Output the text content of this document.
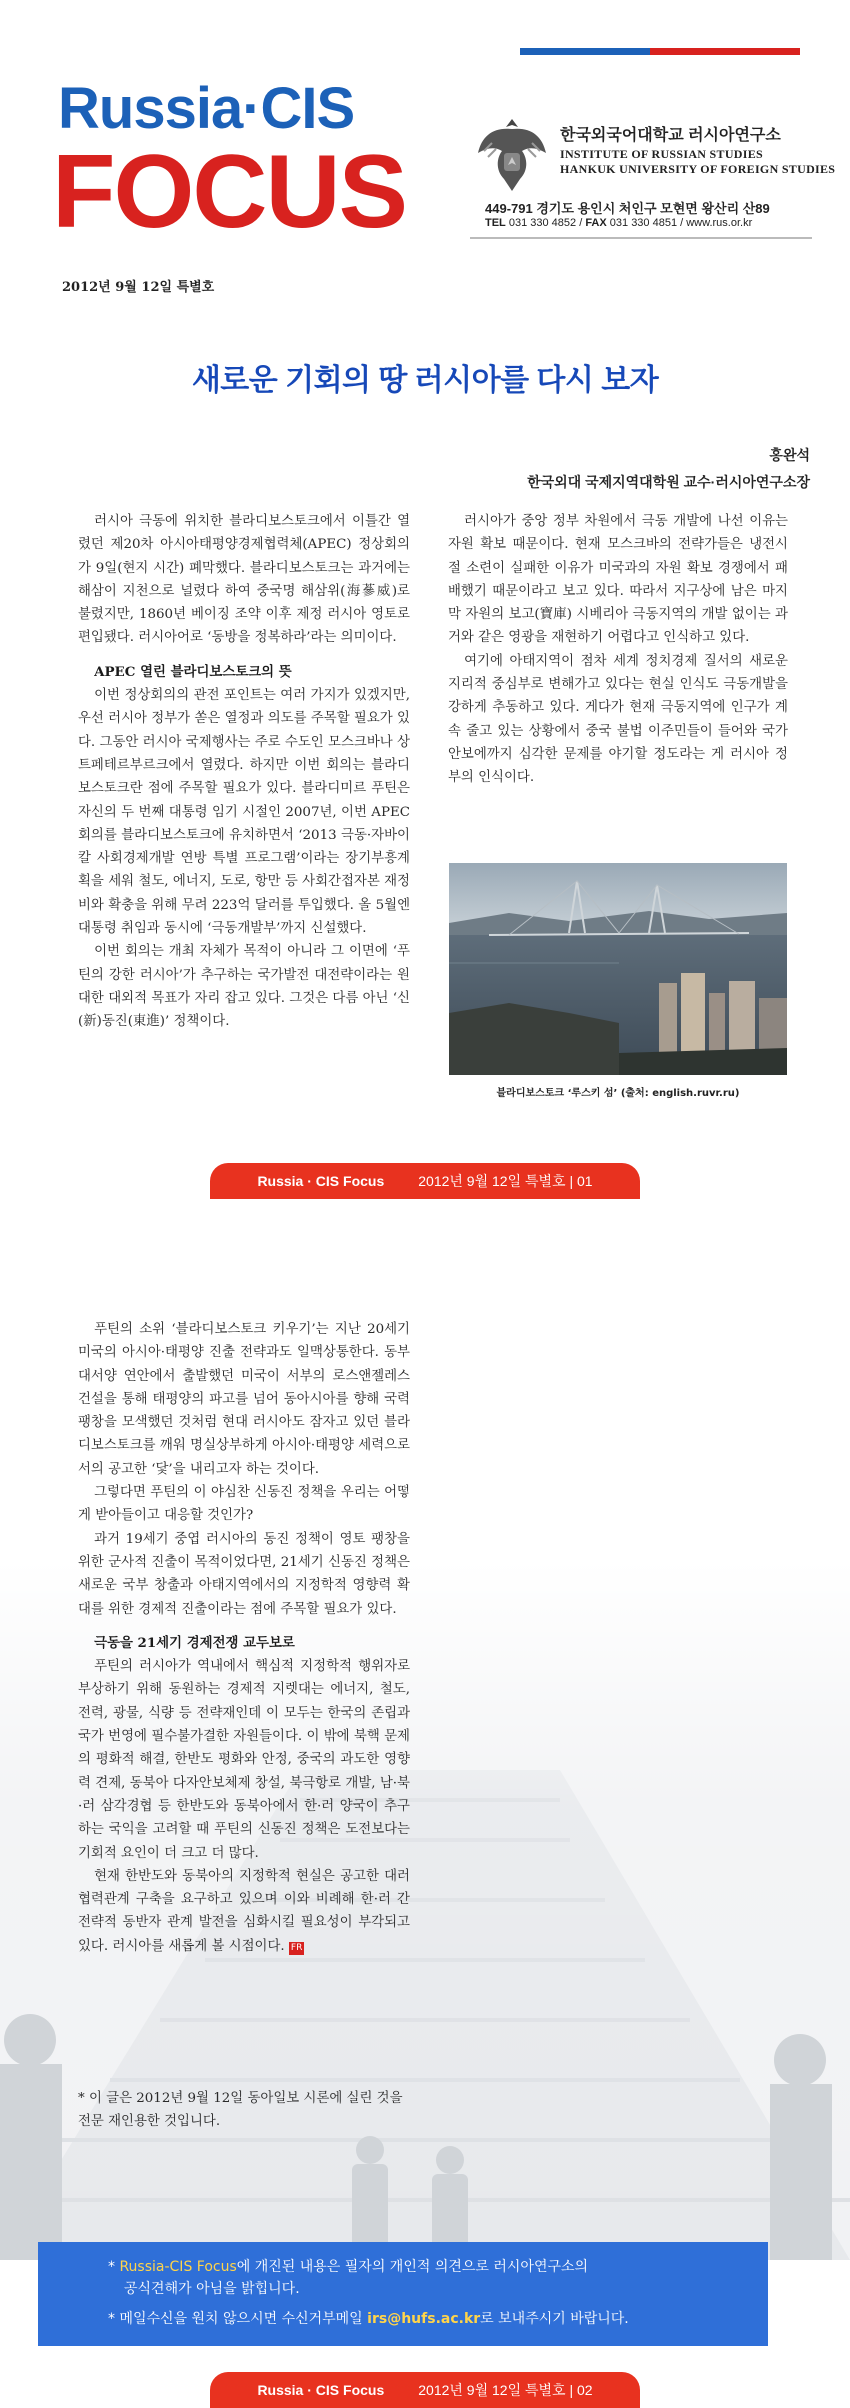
Russia·CIS
FOCUS
2012년 9월 12일 특별호
한국외국어대학교 러시아연구소
INSTITUTE OF RUSSIAN STUDIES
HANKUK UNIVERSITY OF FOREIGN STUDIES
449-791 경기도 용인시 처인구 모현면 왕산리 산89
TEL 031 330 4852 / FAX 031 330 4851 / www.rus.or.kr
새로운 기회의 땅 러시아를 다시 보자
홍완석
한국외대 국제지역대학원 교수·러시아연구소장

러시아 극동에 위치한 블라디보스토크에서 이틀간 열렸던 제20차 아시아태평양경제협력체(APEC) 정상회의가 9일(현지 시간) 폐막했다. 블라디보스토크는 과거에는 해삼이 지천으로 널렸다 하여 중국명 해삼위(海蔘威)로 불렸지만, 1860년 베이징 조약 이후 제정 러시아 영토로 편입됐다. 러시아어로 ‘동방을 정복하라’라는 의미이다.

APEC 열린 블라디보스토크의 뜻

이번 정상회의의 관전 포인트는 여러 가지가 있겠지만, 우선 러시아 정부가 쏟은 열정과 의도를 주목할 필요가 있다. 그동안 러시아 국제행사는 주로 수도인 모스크바나 상트페테르부르크에서 열렸다. 하지만 이번 회의는 블라디보스토크란 점에 주목할 필요가 있다. 블라디미르 푸틴은 자신의 두 번째 대통령 임기 시절인 2007년, 이번 APEC 회의를 블라디보스토크에 유치하면서 ‘2013 극동·자바이칼 사회경제개발 연방 특별 프로그램’이라는 장기부흥계획을 세워 철도, 에너지, 도로, 항만 등 사회간접자본 재정비와 확충을 위해 무려 223억 달러를 투입했다. 올 5월엔 대통령 취임과 동시에 ‘극동개발부’까지 신설했다.

이번 회의는 개최 자체가 목적이 아니라 그 이면에 ‘푸틴의 강한 러시아’가 추구하는 국가발전 대전략이라는 원대한 대외적 목표가 자리 잡고 있다. 그것은 다름 아닌 ‘신(新)동진(東進)’ 정책이다.

러시아가 중앙 정부 차원에서 극동 개발에 나선 이유는 자원 확보 때문이다. 현재 모스크바의 전략가들은 냉전시절 소련이 실패한 이유가 미국과의 자원 확보 경쟁에서 패배했기 때문이라고 보고 있다. 따라서 지구상에 남은 마지막 자원의 보고(寶庫) 시베리아 극동지역의 개발 없이는 과거와 같은 영광을 재현하기 어렵다고 인식하고 있다.

여기에 아태지역이 점차 세계 정치경제 질서의 새로운 지리적 중심부로 변해가고 있다는 현실 인식도 극동개발을 강하게 추동하고 있다. 게다가 현재 극동지역에 인구가 계속 줄고 있는 상황에서 중국 불법 이주민들이 들어와 국가 안보에까지 심각한 문제를 야기할 정도라는 게 러시아 정부의 인식이다.

블라디보스토크 ‘루스키 섬’ (출처: english.ruvr.ru)
Russia · CIS Focus 2012년 9월 12일 특별호 | 01

푸틴의 소위 ‘블라디보스토크 키우기’는 지난 20세기 미국의 아시아·태평양 진출 전략과도 일맥상통한다. 동부 대서양 연안에서 출발했던 미국이 서부의 로스앤젤레스 건설을 통해 태평양의 파고를 넘어 동아시아를 향해 국력 팽창을 모색했던 것처럼 현대 러시아도 잠자고 있던 블라디보스토크를 깨워 명실상부하게 아시아·태평양 세력으로서의 공고한 ‘닻’을 내리고자 하는 것이다.

그렇다면 푸틴의 이 야심찬 신동진 정책을 우리는 어떻게 받아들이고 대응할 것인가?

과거 19세기 중엽 러시아의 동진 정책이 영토 팽창을 위한 군사적 진출이 목적이었다면, 21세기 신동진 정책은 새로운 국부 창출과 아태지역에서의 지정학적 영향력 확대를 위한 경제적 진출이라는 점에 주목할 필요가 있다.

극동을 21세기 경제전쟁 교두보로

푸틴의 러시아가 역내에서 핵심적 지정학적 행위자로 부상하기 위해 동원하는 경제적 지렛대는 에너지, 철도, 전력, 광물, 식량 등 전략재인데 이 모두는 한국의 존립과 국가 번영에 필수불가결한 자원들이다. 이 밖에 북핵 문제의 평화적 해결, 한반도 평화와 안정, 중국의 과도한 영향력 견제, 동북아 다자안보체제 창설, 북극항로 개발, 남·북·러 삼각경협 등 한반도와 동북아에서 한·러 양국이 추구하는 국익을 고려할 때 푸틴의 신동진 정책은 도전보다는 기회적 요인이 더 크고 더 많다.

현재 한반도와 동북아의 지정학적 현실은 공고한 대러 협력관계 구축을 요구하고 있으며 이와 비례해 한·러 간 전략적 동반자 관계 발전을 심화시킬 필요성이 부각되고 있다. 러시아를 새롭게 볼 시점이다. FR

* 이 글은 2012년 9월 12일 동아일보 시론에 실린 것을 전문 재인용한 것입니다.
* Russia-CIS Focus에 개진된 내용은 필자의 개인적 의견으로 러시아연구소의
공식견해가 아님을 밝힙니다.
* 메일수신을 원치 않으시면 수신거부메일 irs@hufs.ac.kr로 보내주시기 바랍니다.
Russia · CIS Focus 2012년 9월 12일 특별호 | 02
